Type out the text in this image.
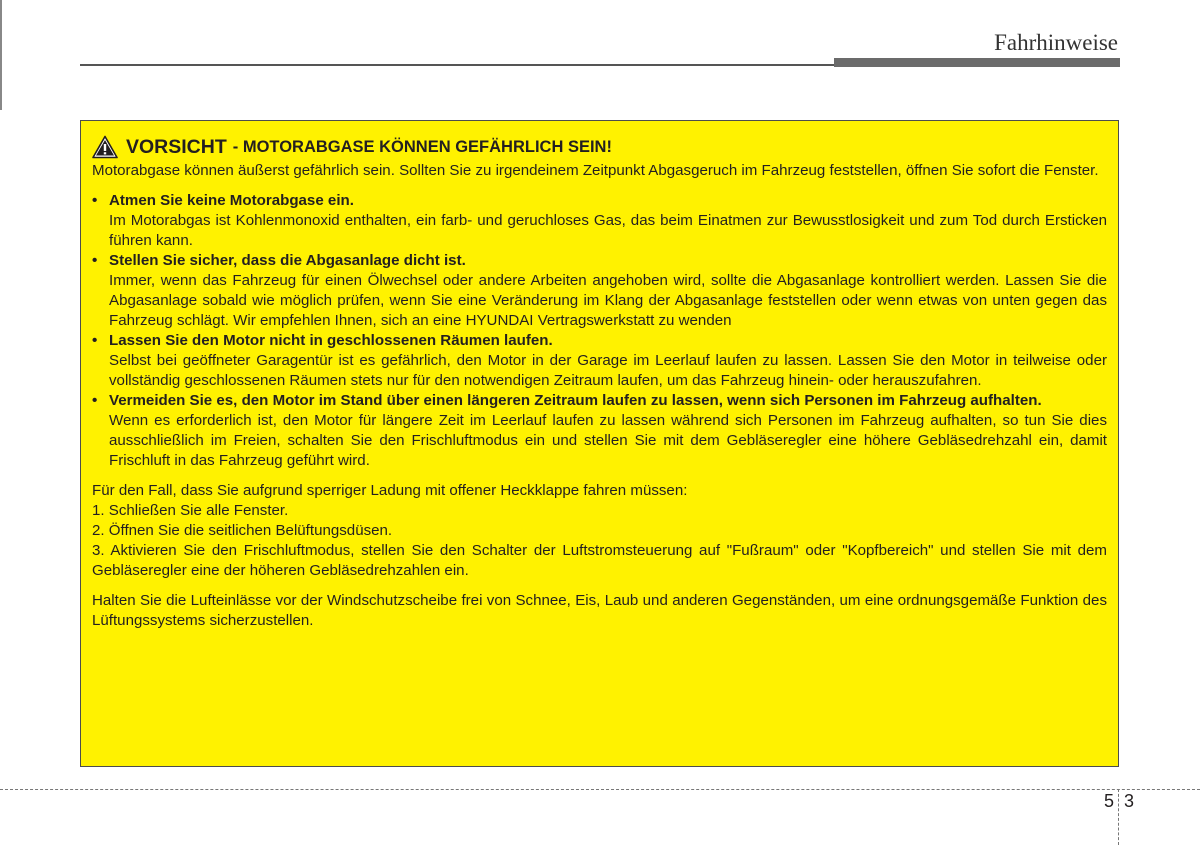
Fahrhinweise
VORSICHT - MOTORABGASE KÖNNEN GEFÄHRLICH SEIN!

Motorabgase können äußerst gefährlich sein. Sollten Sie zu irgendeinem Zeitpunkt Abgasgeruch im Fahrzeug feststellen, öffnen Sie sofort die Fenster.

• Atmen Sie keine Motorabgase ein.
Im Motorabgas ist Kohlenmonoxid enthalten, ein farb- und geruchloses Gas, das beim Einatmen zur Bewusstlosigkeit und zum Tod durch Ersticken führen kann.
• Stellen Sie sicher, dass die Abgasanlage dicht ist.
Immer, wenn das Fahrzeug für einen Ölwechsel oder andere Arbeiten angehoben wird, sollte die Abgasanlage kontrolliert werden. Lassen Sie die Abgasanlage sobald wie möglich prüfen, wenn Sie eine Veränderung im Klang der Abgasanlage feststellen oder wenn etwas von unten gegen das Fahrzeug schlägt. Wir empfehlen Ihnen, sich an eine HYUNDAI Vertragswerkstatt zu wenden
• Lassen Sie den Motor nicht in geschlossenen Räumen laufen.
Selbst bei geöffneter Garagentür ist es gefährlich, den Motor in der Garage im Leerlauf laufen zu lassen. Lassen Sie den Motor in teilweise oder vollständig geschlossenen Räumen stets nur für den notwendigen Zeitraum laufen, um das Fahrzeug hinein- oder herauszufahren.
• Vermeiden Sie es, den Motor im Stand über einen längeren Zeitraum laufen zu lassen, wenn sich Personen im Fahrzeug aufhalten.
Wenn es erforderlich ist, den Motor für längere Zeit im Leerlauf laufen zu lassen während sich Personen im Fahrzeug aufhalten, so tun Sie dies ausschließlich im Freien, schalten Sie den Frischluftmodus ein und stellen Sie mit dem Gebläseregler eine höhere Gebläsedrehzahl ein, damit Frischluft in das Fahrzeug geführt wird.

Für den Fall, dass Sie aufgrund sperriger Ladung mit offener Heckklappe fahren müssen:

1. Schließen Sie alle Fenster.

2. Öffnen Sie die seitlichen Belüftungsdüsen.

3. Aktivieren Sie den Frischluftmodus, stellen Sie den Schalter der Luftstromsteuerung auf "Fußraum" oder "Kopfbereich" und stellen Sie mit dem Gebläseregler eine der höheren Gebläsedrehzahlen ein.

Halten Sie die Lufteinlässe vor der Windschutzscheibe frei von Schnee, Eis, Laub und anderen Gegenständen, um eine ordnungsgemäße Funktion des Lüftungssystems sicherzustellen.

5 3
